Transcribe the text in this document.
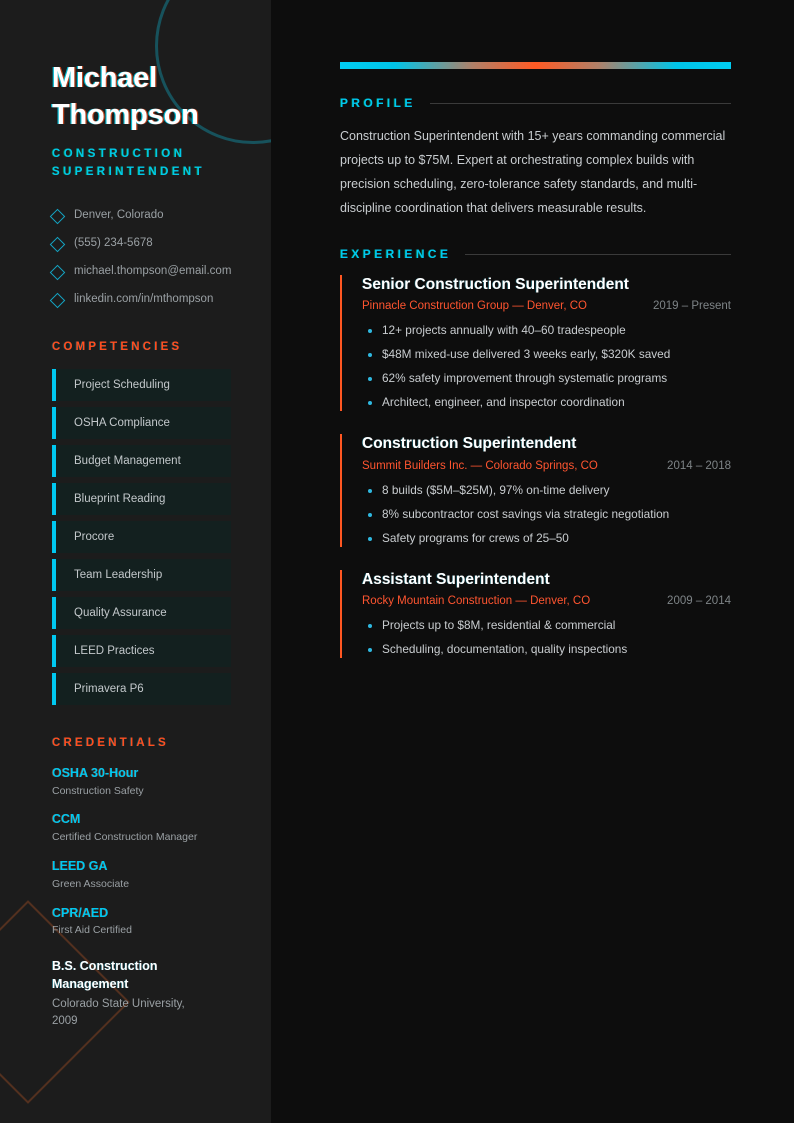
Michael
Thompson
CONSTRUCTION
SUPERINTENDENT
Denver, Colorado
(555) 234-5678
michael.thompson@email.com
linkedin.com/in/mthompson
COMPETENCIES
Project Scheduling
OSHA Compliance
Budget Management
Blueprint Reading
Procore
Team Leadership
Quality Assurance
LEED Practices
Primavera P6
CREDENTIALS
OSHA 30-Hour
Construction Safety
CCM
Certified Construction Manager
LEED GA
Green Associate
CPR/AED
First Aid Certified
B.S. Construction Management
Colorado State University, 2009
PROFILE

Construction Superintendent with 15+ years commanding commercial projects up to $75M. Expert at orchestrating complex builds with precision scheduling, zero-tolerance safety standards, and multi-discipline coordination that delivers measurable results.

EXPERIENCE
Senior Construction Superintendent
Pinnacle Construction Group — Denver, CO	2019 – Present
12+ projects annually with 40–60 tradespeople
$48M mixed-use delivered 3 weeks early, $320K saved
62% safety improvement through systematic programs
Architect, engineer, and inspector coordination
Construction Superintendent
Summit Builders Inc. — Colorado Springs, CO	2014 – 2018
8 builds ($5M–$25M), 97% on-time delivery
8% subcontractor cost savings via strategic negotiation
Safety programs for crews of 25–50
Assistant Superintendent
Rocky Mountain Construction — Denver, CO	2009 – 2014
Projects up to $8M, residential & commercial
Scheduling, documentation, quality inspections
